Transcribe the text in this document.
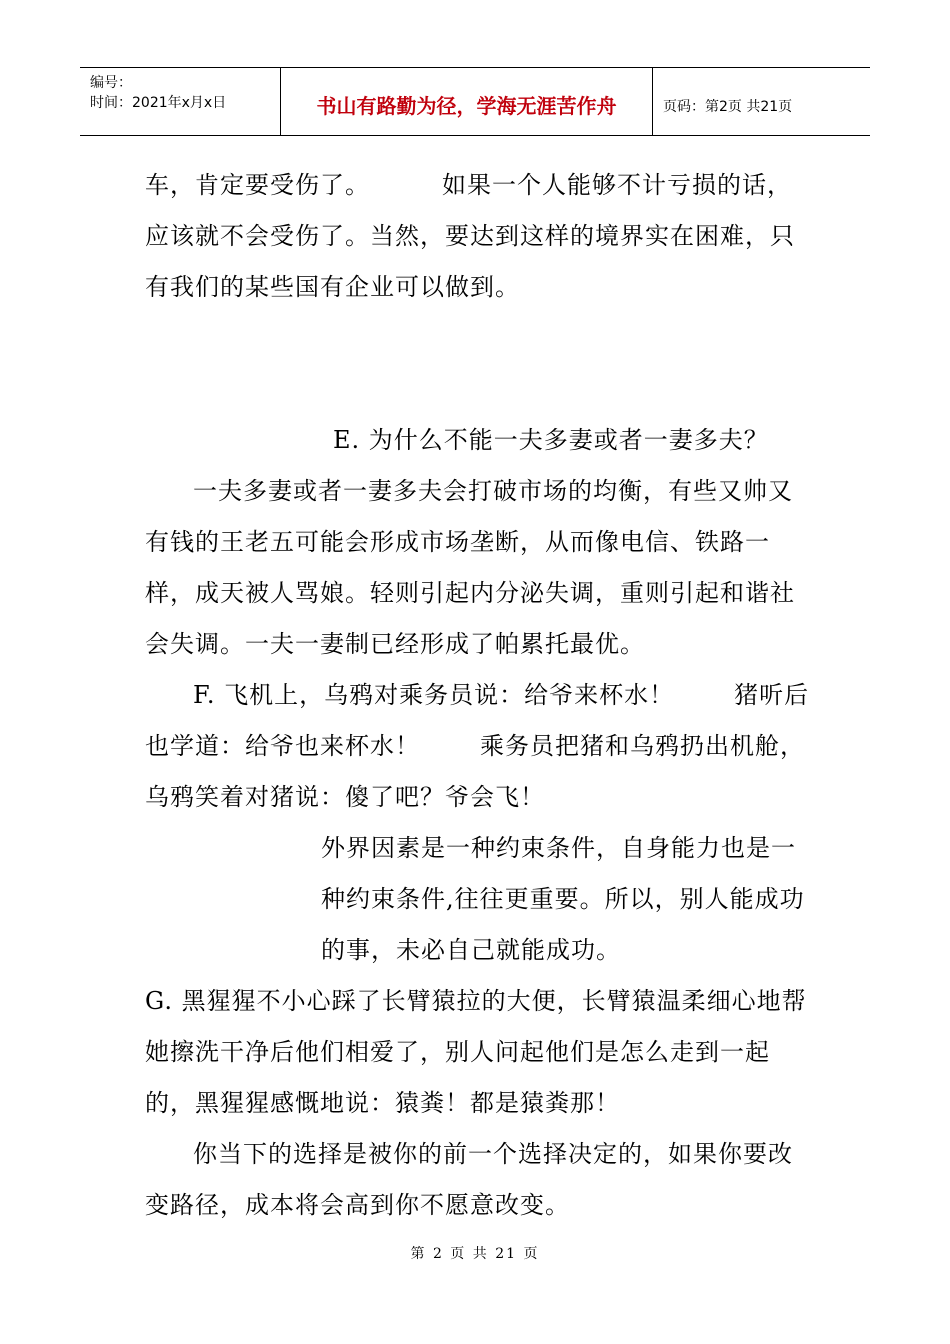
编号：
时间：2021年x月x日	书山有路勤为径，学海无涯苦作舟	页码：第2页 共21页

车，肯定要受伤了。	如果一个人能够不计亏损的话，应该就不会受伤了。当然，要达到这样的境界实在困难，只有我们的某些国有企业可以做到。

E. 为什么不能一夫多妻或者一妻多夫？

一夫多妻或者一妻多夫会打破市场的均衡，有些又帅又有钱的王老五可能会形成市场垄断，从而像电信、铁路一样，成天被人骂娘。轻则引起内分泌失调，重则引起和谐社会失调。一夫一妻制已经形成了帕累托最优。

F. 飞机上，乌鸦对乘务员说：给爷来杯水！	猪听后也学道：给爷也来杯水！	乘务员把猪和乌鸦扔出机舱，乌鸦笑着对猪说：傻了吧？爷会飞！

外界因素是一种约束条件，自身能力也是一种约束条件,往往更重要。所以，别人能成功的事，未必自己就能成功。

G. 黑猩猩不小心踩了长臂猿拉的大便，长臂猿温柔细心地帮她擦洗干净后他们相爱了，别人问起他们是怎么走到一起的，黑猩猩感慨地说：猿粪！都是猿粪那！

你当下的选择是被你的前一个选择决定的，如果你要改变路径，成本将会高到你不愿意改变。

第 2 页 共 21 页
